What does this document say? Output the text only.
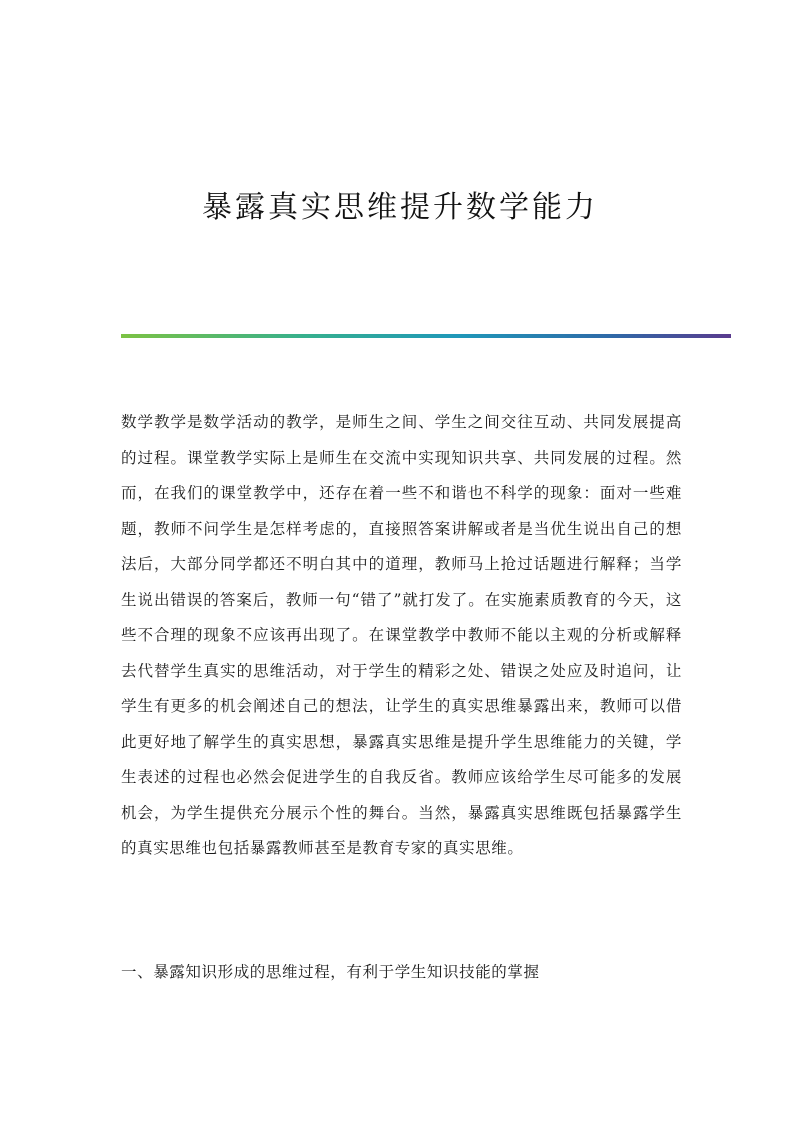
暴露真实思维提升数学能力

数学教学是数学活动的教学，是师生之间、学生之间交往互动、共同发展提高的过程。课堂教学实际上是师生在交流中实现知识共享、共同发展的过程。然而，在我们的课堂教学中，还存在着一些不和谐也不科学的现象：面对一些难题，教师不问学生是怎样考虑的，直接照答案讲解或者是当优生说出自己的想法后，大部分同学都还不明白其中的道理，教师马上抢过话题进行解释；当学生说出错误的答案后，教师一句“错了”就打发了。在实施素质教育的今天，这些不合理的现象不应该再出现了。在课堂教学中教师不能以主观的分析或解释去代替学生真实的思维活动，对于学生的精彩之处、错误之处应及时追问，让学生有更多的机会阐述自己的想法，让学生的真实思维暴露出来，教师可以借此更好地了解学生的真实思想，暴露真实思维是提升学生思维能力的关键，学生表述的过程也必然会促进学生的自我反省。教师应该给学生尽可能多的发展机会，为学生提供充分展示个性的舞台。当然，暴露真实思维既包括暴露学生的真实思维也包括暴露教师甚至是教育专家的真实思维。

一、暴露知识形成的思维过程，有利于学生知识技能的掌握
